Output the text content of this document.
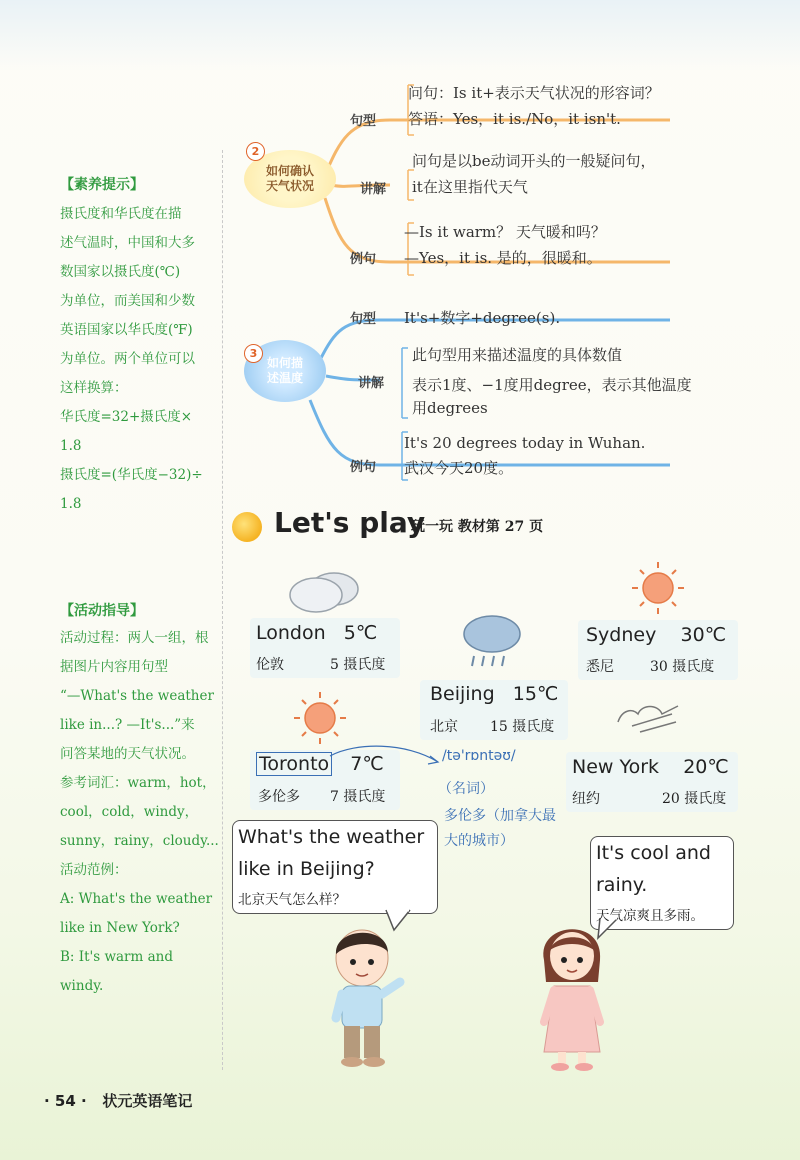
【素养提示】
摄氏度和华氏度在描
述气温时，中国和大多
数国家以摄氏度(℃)
为单位，而美国和少数
英语国家以华氏度(℉)
为单位。两个单位可以
这样换算：
华氏度=32+摄氏度×
1.8
摄氏度=(华氏度−32)÷
1.8
【活动指导】
活动过程：两人一组，根
据图片内容用句型
“—What's the weather
like in...? —It's...”来
问答某地的天气状况。
参考词汇：warm，hot，
cool，cold，windy，
sunny，rainy，cloudy...
活动范例：
A: What's the weather
like in New York?
B: It's warm and
windy.
如何确认
天气状况
2
句型
问句：Is it+表示天气状况的形容词？
答语：Yes，it is./No，it isn't.
讲解
问句是以be动词开头的一般疑问句，
it在这里指代天气
例句
—Is it warm？ 天气暖和吗？
—Yes，it is. 是的，很暖和。
如何描
述温度
3
句型 It's+数字+degree(s).
讲解
此句型用来描述温度的具体数值
表示1度、−1度用degree，表示其他温度
用degrees
例句
It's 20 degrees today in Wuhan.
武汉今天20度。
Let's play
玩一玩 教材第 27 页
London 5℃
伦敦	5 摄氏度
Sydney 30℃
悉尼	30 摄氏度
Beijing 15℃
北京 15 摄氏度
Toronto 7℃
多伦多 7 摄氏度
New York 20℃
纽约	20 摄氏度
/tə'rɒntəʊ/
（名词）
多伦多（加拿大最
大的城市）
What's the weather
like in Beijing?
北京天气怎么样？
It's cool and
rainy.
天气凉爽且多雨。
· 54 · 状元英语笔记
